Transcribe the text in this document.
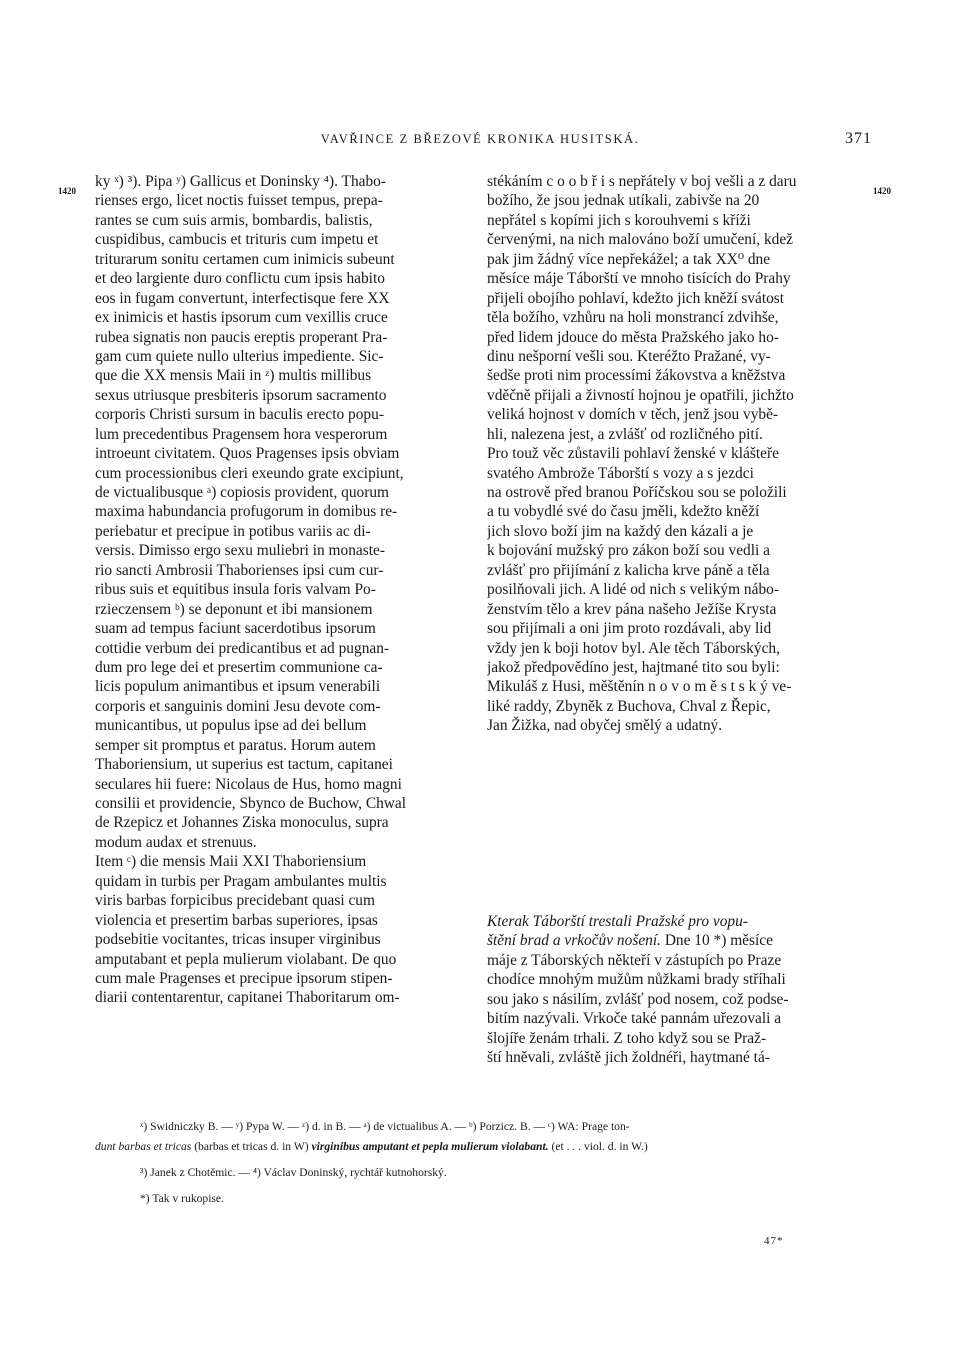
VAVŘINCE Z BŘEZOVÉ KRONIKA HUSITSKÁ.	371
1420	1420
ky ˣ) ³). Pipa ʸ) Gallicus et Doninsky ⁴). Thabo-
rienses ergo, licet noctis fuisset tempus, prepa-
rantes se cum suis armis, bombardis, balistis,
cuspidibus, cambucis et trituris cum impetu et
triturarum sonitu certamen cum inimicis subeunt
et deo largiente duro conflictu cum ipsis habito
eos in fugam convertunt, interfectisque fere XX
ex inimicis et hastis ipsorum cum vexillis cruce
rubea signatis non paucis ereptis properant Pra-
gam cum quiete nullo ulterius impediente. Sic-
que die XX mensis Maii in ᶻ) multis millibus
sexus utriusque presbiteris ipsorum sacramento
corporis Christi sursum in baculis erecto popu-
lum precedentibus Pragensem hora vesperorum
introeunt civitatem. Quos Pragenses ipsis obviam
cum processionibus cleri exeundo grate excipiunt,
de victualibusque ᵃ) copiosis provident, quorum
maxima habundancia profugorum in domibus re-
periebatur et precipue in potibus variis ac di-
versis. Dimisso ergo sexu muliebri in monaste-
rio sancti Ambrosii Thaborienses ipsi cum cur-
ribus suis et equitibus insula foris valvam Po-
rzieczensem ᵇ) se deponunt et ibi mansionem
suam ad tempus faciunt sacerdotibus ipsorum
cottidie verbum dei predicantibus et ad pugnan-
dum pro lege dei et presertim communione ca-
licis populum animantibus et ipsum venerabili
corporis et sanguinis domini Jesu devote com-
municantibus, ut populus ipse ad dei bellum
semper sit promptus et paratus. Horum autem
Thaboriensium, ut superius est tactum, capitanei
seculares hii fuere: Nicolaus de Hus, homo magni
consilii et providencie, Sbynco de Buchow, Chwal
de Rzepicz et Johannes Ziska monoculus, supra
modum audax et strenuus.
Item ᶜ) die mensis Maii XXI Thaboriensium
quidam in turbis per Pragam ambulantes multis
viris barbas forpicibus precidebant quasi cum
violencia et presertim barbas superiores, ipsas
podsebitie vocitantes, tricas insuper virginibus
amputabant et pepla mulierum violabant. De quo
cum male Pragenses et precipue ipsorum stipen-
diarii contentarentur, capitanei Thaboritarum om-
stékáním c o o b ř i s nepřátely v boj vešli a z daru
božího, že jsou jednak utíkali, zabivše na 20
nepřátel s kopími jich s korouhvemi s kříži
červenými, na nich malováno boží umučení, kdež
pak jim žádný více nepřekážel; a tak XX⁰ dne
měsíce máje Táborští ve mnoho tisících do Prahy
přijeli obojího pohlaví, kdežto jich kněží svátost
těla božího, vzhůru na holi monstrancí zdvihše,
před lidem jdouce do města Pražského jako ho-
dinu nešporní vešli sou. Kteréžto Pražané, vy-
šedše proti nim processími žákovstva a kněžstva
vděčně přijali a živností hojnou je opatřili, jichžto
veliká hojnost v domích v těch, jenž jsou vybě-
hli, nalezena jest, a zvlášť od rozličného pití.
Pro touž věc zůstavili pohlaví ženské v klášteře
svatého Ambrože Táborští s vozy a s jezdci
na ostrově před branou Poříčskou sou se položili
a tu vobydlé své do času jměli, kdežto kněží
jich slovo boží jim na každý den kázali a je
k bojování mužský pro zákon boží sou vedli a
zvlášť pro přijímání z kalicha krve páně a těla
posilňovali jich. A lidé od nich s velikým nábo-
ženstvím tělo a krev pána našeho Ježíše Krysta
sou přijímali a oni jim proto rozdávali, aby lid
vždy jen k boji hotov byl. Ale těch Táborských,
jakož předpovědíno jest, hajtmané tito sou byli:
Mikuláš z Husi, měštěnín n o v o m ě s t s k ý ve-
liké raddy, Zbyněk z Buchova, Chval z Řepic,
Jan Žižka, nad obyčej smělý a udatný.
Kterak Táborští trestali Pražské pro vopu-
štění brad a vrkočův nošení. Dne 10 *) měsíce
máje z Táborských někteří v zástupích po Praze
chodíce mnohým mužům nůžkami brady stříhali
sou jako s násilím, zvlášť pod nosem, což podse-
bitím nazývali. Vrkoče také pannám uřezovali a
šlojíře ženám trhali. Z toho když sou se Praž-
ští hněvali, zvláště jich žoldnéři, haytmané tá-
ˣ) Swidniczky B. — ʸ) Pypa W. — ᶻ) d. in B. — ᵃ) de victualibus A. — ᵇ) Porzicz. B. — ᶜ) WA: Prage ton-
dunt barbas et tricas (barbas et tricas d. in W) virginibus amputant et pepla mulierum violabant. (et . . . viol. d. in W.)
³) Janek z Chotěmic. — ⁴) Václav Doninský, rychtář kutnohorský.
*) Tak v rukopise.
47*
